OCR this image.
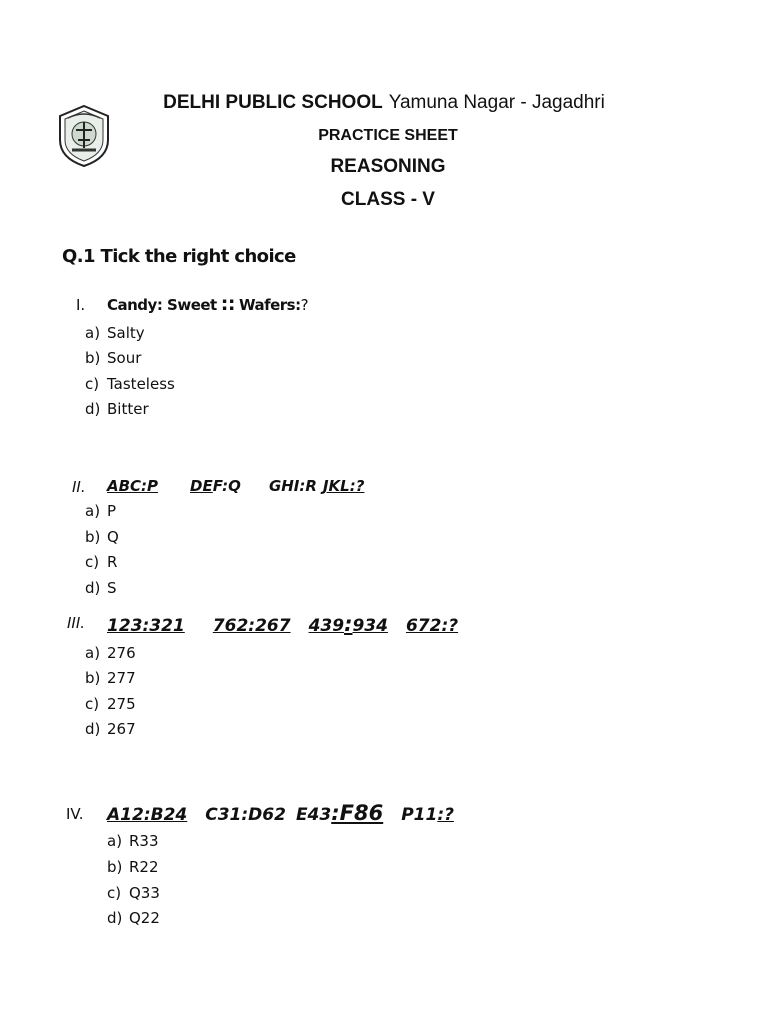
DELHI PUBLIC SCHOOL Yamuna Nagar - Jagadhri
PRACTICE SHEET
REASONING
CLASS - V
Q.1 Tick the right choice
I. Candy: Sweet :: Wafers:?
a) Salty
b) Sour
c) Tasteless
d) Bitter
II. ABC:P DEF:Q GHI:R JKL:?
a) P
b) Q
c) R
d) S
III. 123:321 762:267 439:934 672:?
a) 276
b) 277
c) 275
d) 267
IV. A12:B24 C31:D62 E43:F86 P11:?
a) R33
b) R22
c) Q33
d) Q22
